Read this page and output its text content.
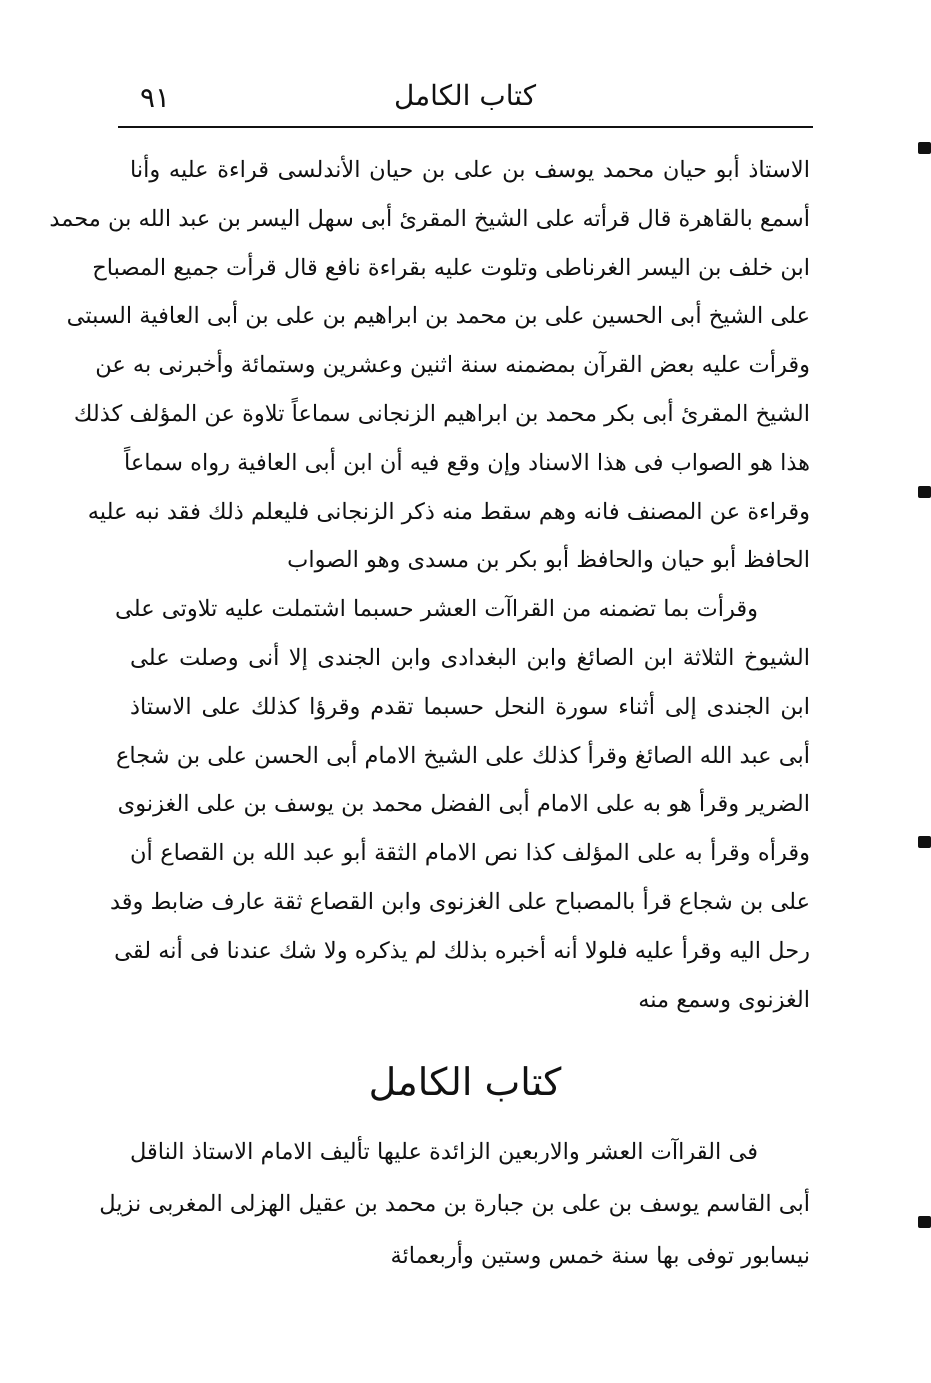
كتاب الكامل
٩١
الاستاذ أبو حيان محمد يوسف بن على بن حيان الأندلسى قراءة عليه وأنا
أسمع بالقاهرة قال قرأته على الشيخ المقرئ أبى سهل اليسر بن عبد الله بن محمد
ابن خلف بن اليسر الغرناطى وتلوت عليه بقراءة نافع قال قرأت جميع المصباح
على الشيخ أبى الحسين على بن محمد بن ابراهيم بن على بن أبى العافية السبتى
وقرأت عليه بعض القرآن بمضمنه سنة اثنين وعشرين وستمائة وأخبرنى به عن
الشيخ المقرئ أبى بكر محمد بن ابراهيم الزنجانى سماعاً تلاوة عن المؤلف كذلك
هذا هو الصواب فى هذا الاسناد وإن وقع فيه أن ابن أبى العافية رواه سماعاً
وقراءة عن المصنف فانه وهم سقط منه ذكر الزنجانى فليعلم ذلك فقد نبه عليه
الحافظ أبو حيان والحافظ أبو بكر بن مسدى وهو الصواب
وقرأت بما تضمنه من القراآت العشر حسبما اشتملت عليه تلاوتى على
الشيوخ الثلاثة ابن الصائغ وابن البغدادى وابن الجندى إلا أنى وصلت على
ابن الجندى إلى أثناء سورة النحل حسبما تقدم وقرؤا كذلك على الاستاذ
أبى عبد الله الصائغ وقرأ كذلك على الشيخ الامام أبى الحسن على بن شجاع
الضرير وقرأ هو به على الامام أبى الفضل محمد بن يوسف بن على الغزنوى
وقرأه وقرأ به على المؤلف كذا نص الامام الثقة أبو عبد الله بن القصاع أن
على بن شجاع قرأ بالمصباح على الغزنوى وابن القصاع ثقة عارف ضابط وقد
رحل اليه وقرأ عليه فلولا أنه أخبره بذلك لم يذكره ولا شك عندنا فى أنه لقى
الغزنوى وسمع منه
كتاب الكامل
فى القراآت العشر والاربعين الزائدة عليها تأليف الامام الاستاذ الناقل
أبى القاسم يوسف بن على بن جبارة بن محمد بن عقيل الهزلى المغربى نزيل
نيسابور توفى بها سنة خمس وستين وأربعمائة
